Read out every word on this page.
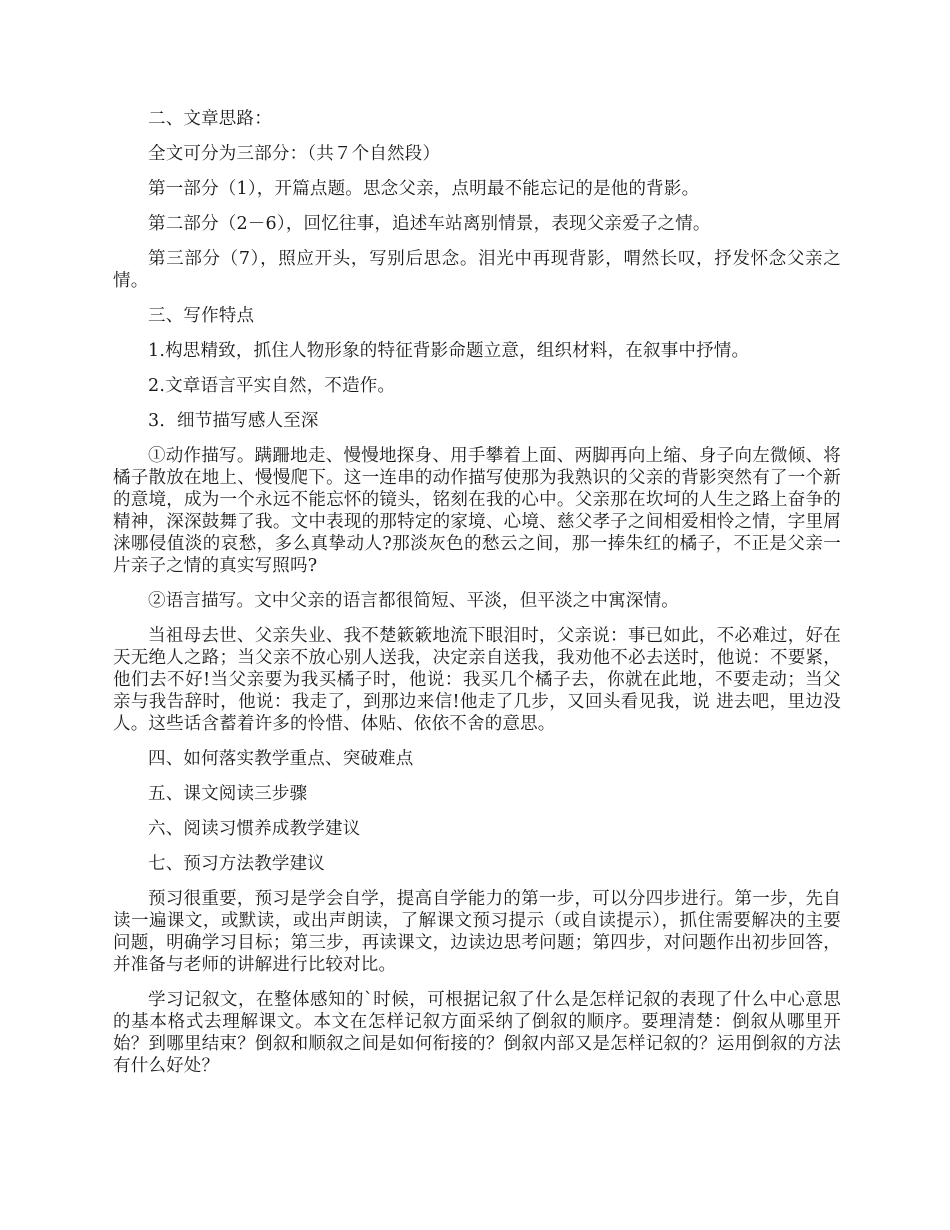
二、文章思路：

全文可分为三部分：（共７个自然段）

第一部分（1），开篇点题。思念父亲，点明最不能忘记的是他的背影。

第二部分（2－6），回忆往事，追述车站离别情景，表现父亲爱子之情。

第三部分（7），照应开头，写别后思念。泪光中再现背影，喟然长叹，抒发怀念父亲之情。

三、写作特点

1.构思精致，抓住人物形象的特征背影命题立意，组织材料，在叙事中抒情。

2.文章语言平实自然，不造作。

3．细节描写感人至深

①动作描写。蹒跚地走、慢慢地探身、用手攀着上面、两脚再向上缩、身子向左微倾、将橘子散放在地上、慢慢爬下。这一连串的动作描写使那为我熟识的父亲的背影突然有了一个新的意境，成为一个永远不能忘怀的镜头，铭刻在我的心中。父亲那在坎坷的人生之路上奋争的精神，深深鼓舞了我。文中表现的那特定的家境、心境、慈父孝子之间相爱相怜之情，字里屑涞哪侵值淡的哀愁，多么真挚动人?那淡灰色的愁云之间，那一捧朱红的橘子，不正是父亲一片亲子之情的真实写照吗?

②语言描写。文中父亲的语言都很简短、平淡，但平淡之中寓深情。

当祖母去世、父亲失业、我不楚簌簌地流下眼泪时，父亲说：事已如此，不必难过，好在天无绝人之路；当父亲不放心别人送我，决定亲自送我，我劝他不必去送时，他说：不要紧，他们去不好!当父亲要为我买橘子时，他说：我买几个橘子去，你就在此地，不要走动；当父亲与我告辞时，他说：我走了，到那边来信!他走了几步，又回头看见我，说 进去吧，里边没人。这些话含蓄着许多的怜惜、体贴、依依不舍的意思。

四、如何落实教学重点、突破难点

五、课文阅读三步骤

六、阅读习惯养成教学建议

七、预习方法教学建议

预习很重要，预习是学会自学，提高自学能力的第一步，可以分四步进行。第一步，先自读一遍课文，或默读，或出声朗读，了解课文预习提示（或自读提示），抓住需要解决的主要问题，明确学习目标；第三步，再读课文，边读边思考问题；第四步，对问题作出初步回答，并准备与老师的讲解进行比较对比。

学习记叙文，在整体感知的`时候，可根据记叙了什么是怎样记叙的表现了什么中心意思的基本格式去理解课文。本文在怎样记叙方面采纳了倒叙的顺序。要理清楚：倒叙从哪里开始？到哪里结束？倒叙和顺叙之间是如何衔接的？倒叙内部又是怎样记叙的？运用倒叙的方法有什么好处？
